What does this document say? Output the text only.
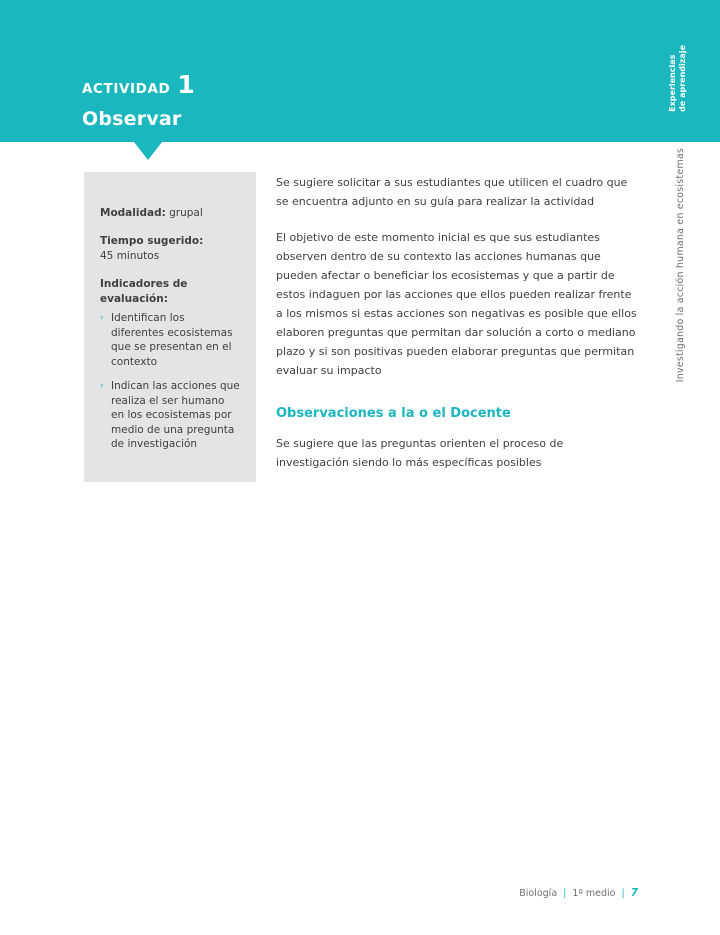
ACTIVIDAD 1
Observar
Experiencias de aprendizaje
Investigando la acción humana en ecosistemas
Modalidad: grupal
Tiempo sugerido:
45 minutos
Indicadores de evaluación:
› Identifican los diferentes ecosistemas que se presentan en el contexto
› Indican las acciones que realiza el ser humano en los ecosistemas por medio de una pregunta de investigación

Se sugiere solicitar a sus estudiantes que utilicen el cuadro que se encuentra adjunto en su guía para realizar la actividad

El objetivo de este momento inicial es que sus estudiantes observen dentro de su contexto las acciones humanas que pueden afectar o beneficiar los ecosistemas y que a partir de estos indaguen por las acciones que ellos pueden realizar frente a los mismos si estas acciones son negativas es posible que ellos elaboren preguntas que permitan dar solución a corto o mediano plazo y si son positivas pueden elaborar preguntas que permitan evaluar su impacto

Observaciones a la o el Docente

Se sugiere que las preguntas orienten el proceso de investigación siendo lo más específicas posibles

Biología | 1º medio | 7
